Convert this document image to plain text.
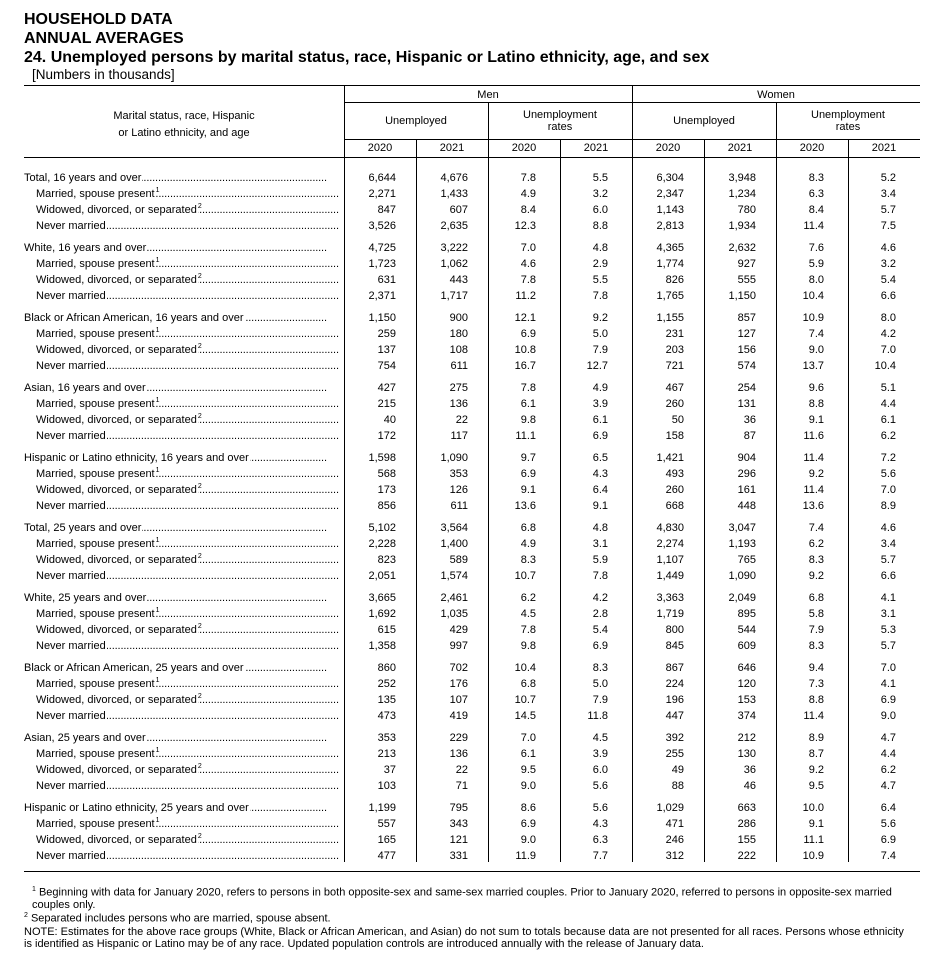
HOUSEHOLD DATA
ANNUAL AVERAGES
24. Unemployed persons by marital status, race, Hispanic or Latino ethnicity, age, and sex
[Numbers in thousands]
Marital status, race, Hispanic
or Latino ethnicity, and age
Men	Women
Unemployed	Unemployment
rates	Unemployed	Unemployment
rates
2020	2021	2020	2021	2020	2021	2020	2021
Total, 16 years and over . . .	6,644	4,676	7.8	5.5	6,304	3,948	8.3	5.2
Married, spouse present$^1$ . . .	2,271	1,433	4.9	3.2	2,347	1,234	6.3	3.4
Widowed, divorced, or separated$^2$ . . .	847	607	8.4	6.0	1,143	780	8.4	5.7
Never married . . .	3,526	2,635	12.3	8.8	2,813	1,934	11.4	7.5
White, 16 years and over . . .	4,725	3,222	7.0	4.8	4,365	2,632	7.6	4.6
Married, spouse present$^1$ . . .	1,723	1,062	4.6	2.9	1,774	927	5.9	3.2
Widowed, divorced, or separated$^2$ . . .	631	443	7.8	5.5	826	555	8.0	5.4
Never married . . .	2,371	1,717	11.2	7.8	1,765	1,150	10.4	6.6
Black or African American, 16 years and over . . .	1,150	900	12.1	9.2	1,155	857	10.9	8.0
Married, spouse present$^1$ . . .	259	180	6.9	5.0	231	127	7.4	4.2
Widowed, divorced, or separated$^2$ . . .	137	108	10.8	7.9	203	156	9.0	7.0
Never married . . .	754	611	16.7	12.7	721	574	13.7	10.4
Asian, 16 years and over . . .	427	275	7.8	4.9	467	254	9.6	5.1
Married, spouse present$^1$ . . .	215	136	6.1	3.9	260	131	8.8	4.4
Widowed, divorced, or separated$^2$ . . .	40	22	9.8	6.1	50	36	9.1	6.1
Never married . . .	172	117	11.1	6.9	158	87	11.6	6.2
Hispanic or Latino ethnicity, 16 years and over . . .	1,598	1,090	9.7	6.5	1,421	904	11.4	7.2
Married, spouse present$^1$ . . .	568	353	6.9	4.3	493	296	9.2	5.6
Widowed, divorced, or separated$^2$ . . .	173	126	9.1	6.4	260	161	11.4	7.0
Never married . . .	856	611	13.6	9.1	668	448	13.6	8.9
Total, 25 years and over . . .	5,102	3,564	6.8	4.8	4,830	3,047	7.4	4.6
Married, spouse present$^1$ . . .	2,228	1,400	4.9	3.1	2,274	1,193	6.2	3.4
Widowed, divorced, or separated$^2$ . . .	823	589	8.3	5.9	1,107	765	8.3	5.7
Never married . . .	2,051	1,574	10.7	7.8	1,449	1,090	9.2	6.6
White, 25 years and over . . .	3,665	2,461	6.2	4.2	3,363	2,049	6.8	4.1
Married, spouse present$^1$ . . .	1,692	1,035	4.5	2.8	1,719	895	5.8	3.1
Widowed, divorced, or separated$^2$ . . .	615	429	7.8	5.4	800	544	7.9	5.3
Never married . . .	1,358	997	9.8	6.9	845	609	8.3	5.7
Black or African American, 25 years and over . . .	860	702	10.4	8.3	867	646	9.4	7.0
Married, spouse present$^1$ . . .	252	176	6.8	5.0	224	120	7.3	4.1
Widowed, divorced, or separated$^2$ . . .	135	107	10.7	7.9	196	153	8.8	6.9
Never married . . .	473	419	14.5	11.8	447	374	11.4	9.0
Asian, 25 years and over . . .	353	229	7.0	4.5	392	212	8.9	4.7
Married, spouse present$^1$ . . .	213	136	6.1	3.9	255	130	8.7	4.4
Widowed, divorced, or separated$^2$ . . .	37	22	9.5	6.0	49	36	9.2	6.2
Never married . . .	103	71	9.0	5.6	88	46	9.5	4.7
Hispanic or Latino ethnicity, 25 years and over . . .	1,199	795	8.6	5.6	1,029	663	10.0	6.4
Married, spouse present$^1$ . . .	557	343	6.9	4.3	471	286	9.1	5.6
Widowed, divorced, or separated$^2$ . . .	165	121	9.0	6.3	246	155	11.1	6.9
Never married . . .	477	331	11.9	7.7	312	222	10.9	7.4
$^1$ Beginning with data for January 2020, refers to persons in both opposite-sex and same-sex married couples. Prior to January 2020, referred to persons in opposite-sex married couples only.
$^2$ Separated includes persons who are married, spouse absent.
NOTE: Estimates for the above race groups (White, Black or African American, and Asian) do not sum to totals because data are not presented for all races. Persons whose ethnicity is identified as Hispanic or Latino may be of any race. Updated population controls are introduced annually with the release of January data.
